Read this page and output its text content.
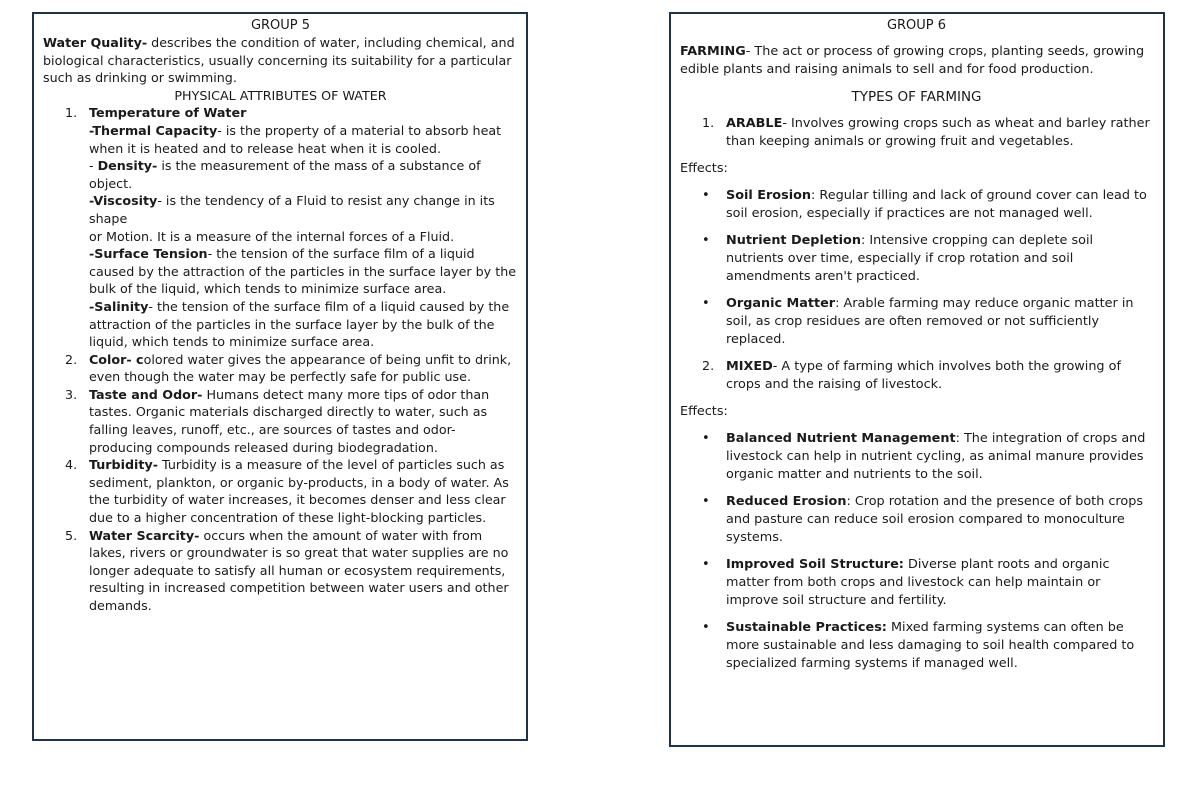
GROUP 5

Water Quality- describes the condition of water, including chemical, and biological characteristics, usually concerning its suitability for a particular such as drinking or swimming.

PHYSICAL ATTRIBUTES OF WATER

1. Temperature of Water
-Thermal Capacity- is the property of a material to absorb heat when it is heated and to release heat when it is cooled.
- Density- is the measurement of the mass of a substance of object.
-Viscosity- is the tendency of a Fluid to resist any change in its shape
or Motion. It is a measure of the internal forces of a Fluid.
-Surface Tension- the tension of the surface film of a liquid caused by the attraction of the particles in the surface layer by the bulk of the liquid, which tends to minimize surface area.
-Salinity- the tension of the surface film of a liquid caused by the attraction of the particles in the surface layer by the bulk of the liquid, which tends to minimize surface area.
2. Color- colored water gives the appearance of being unfit to drink, even though the water may be perfectly safe for public use.
3. Taste and Odor- Humans detect many more tips of odor than tastes. Organic materials discharged directly to water, such as falling leaves, runoff, etc., are sources of tastes and odor- producing compounds released during biodegradation.
4. Turbidity- Turbidity is a measure of the level of particles such as sediment, plankton, or organic by-products, in a body of water. As the turbidity of water increases, it becomes denser and less clear due to a higher concentration of these light-blocking particles.
5. Water Scarcity- occurs when the amount of water with from lakes, rivers or groundwater is so great that water supplies are no longer adequate to satisfy all human or ecosystem requirements, resulting in increased competition between water users and other demands.

GROUP 6

FARMING- The act or process of growing crops, planting seeds, growing edible plants and raising animals to sell and for food production.

TYPES OF FARMING

1. ARABLE- Involves growing crops such as wheat and barley rather than keeping animals or growing fruit and vegetables.

Effects:

• Soil Erosion: Regular tilling and lack of ground cover can lead to soil erosion, especially if practices are not managed well.
• Nutrient Depletion: Intensive cropping can deplete soil nutrients over time, especially if crop rotation and soil amendments aren't practiced.
• Organic Matter: Arable farming may reduce organic matter in soil, as crop residues are often removed or not sufficiently replaced.
2. MIXED- A type of farming which involves both the growing of crops and the raising of livestock.

Effects:

• Balanced Nutrient Management: The integration of crops and livestock can help in nutrient cycling, as animal manure provides organic matter and nutrients to the soil.
• Reduced Erosion: Crop rotation and the presence of both crops and pasture can reduce soil erosion compared to monoculture systems.
• Improved Soil Structure: Diverse plant roots and organic matter from both crops and livestock can help maintain or improve soil structure and fertility.
• Sustainable Practices: Mixed farming systems can often be more sustainable and less damaging to soil health compared to specialized farming systems if managed well.
